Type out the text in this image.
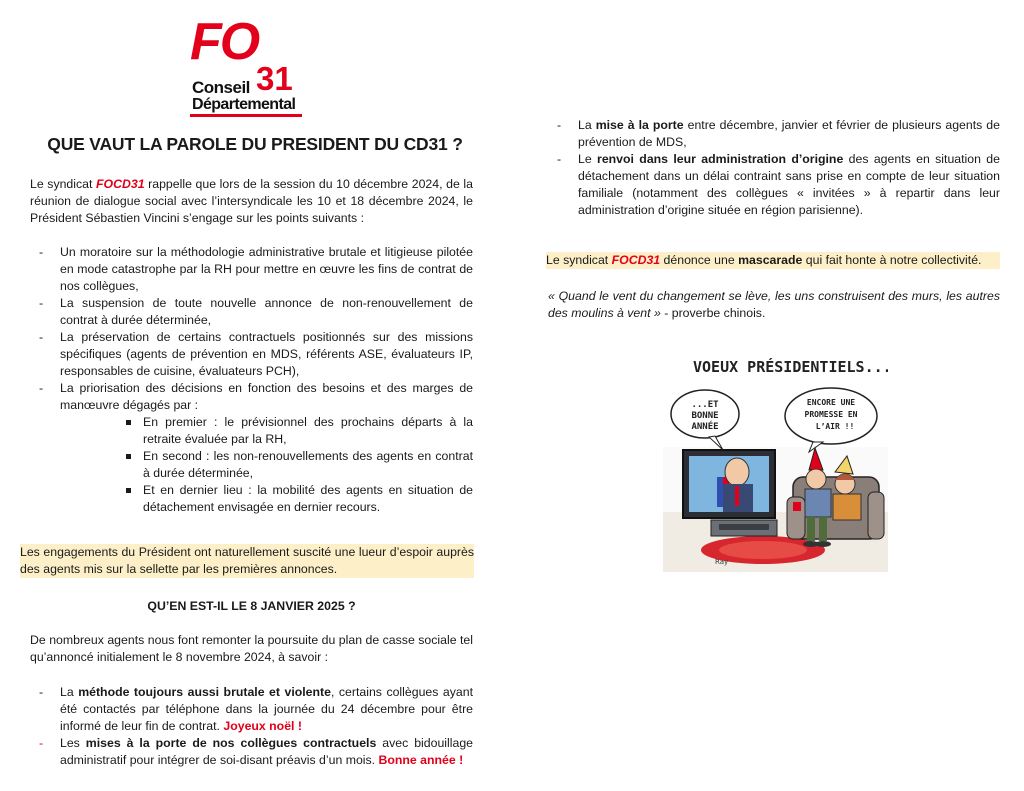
FO
31
Conseil
Départemental
QUE VAUT LA PAROLE DU PRESIDENT DU CD31 ?

Le syndicat FOCD31 rappelle que lors de la session du 10 décembre 2024, de la réunion de dialogue social avec l’intersyndicale les 10 et 18 décembre 2024, le Président Sébastien Vincini s’engage sur les points suivants :

- Un moratoire sur la méthodologie administrative brutale et litigieuse pilotée en mode catastrophe par la RH pour mettre en œuvre les fins de contrat de nos collègues,
- La suspension de toute nouvelle annonce de non-renouvellement de contrat à durée déterminée,
- La préservation de certains contractuels positionnés sur des missions spécifiques (agents de prévention en MDS, référents ASE, évaluateurs IP, responsables de cuisine, évaluateurs PCH),
- La priorisation des décisions en fonction des besoins et des marges de manœuvre dégagés par :
En premier : le prévisionnel des prochains départs à la retraite évaluée par la RH,
En second : les non-renouvellements des agents en contrat à durée déterminée,
Et en dernier lieu : la mobilité des agents en situation de détachement envisagée en dernier recours.

Les engagements du Président ont naturellement suscité une lueur d’espoir auprès des agents mis sur la sellette par les premières annonces.

QU’EN EST-IL LE 8 JANVIER 2025 ?

De nombreux agents nous font remonter la poursuite du plan de casse sociale tel qu’annoncé initialement le 8 novembre 2024, à savoir :

- La méthode toujours aussi brutale et violente, certains collègues ayant été contactés par téléphone dans la journée du 24 décembre pour être informé de leur fin de contrat. Joyeux noël !
- Les mises à la porte de nos collègues contractuels avec bidouillage administratif pour intégrer de soi-disant préavis d’un mois. Bonne année !
- La mise à la porte entre décembre, janvier et février de plusieurs agents de prévention de MDS,
- Le renvoi dans leur administration d’origine des agents en situation de détachement dans un délai contraint sans prise en compte de leur situation familiale (notamment des collègues « invitées » à repartir dans leur administration d’origine située en région parisienne).

Le syndicat FOCD31 dénonce une mascarade qui fait honte à notre collectivité.

« Quand le vent du changement se lève, les uns construisent des murs, les autres des moulins à vent » - proverbe chinois.

VOEUX PRÉSIDENTIELS...
...ET
BONNE
ANNÉE
ENCORE UNE
PROMESSE EN
L’AIR !!
Ray
